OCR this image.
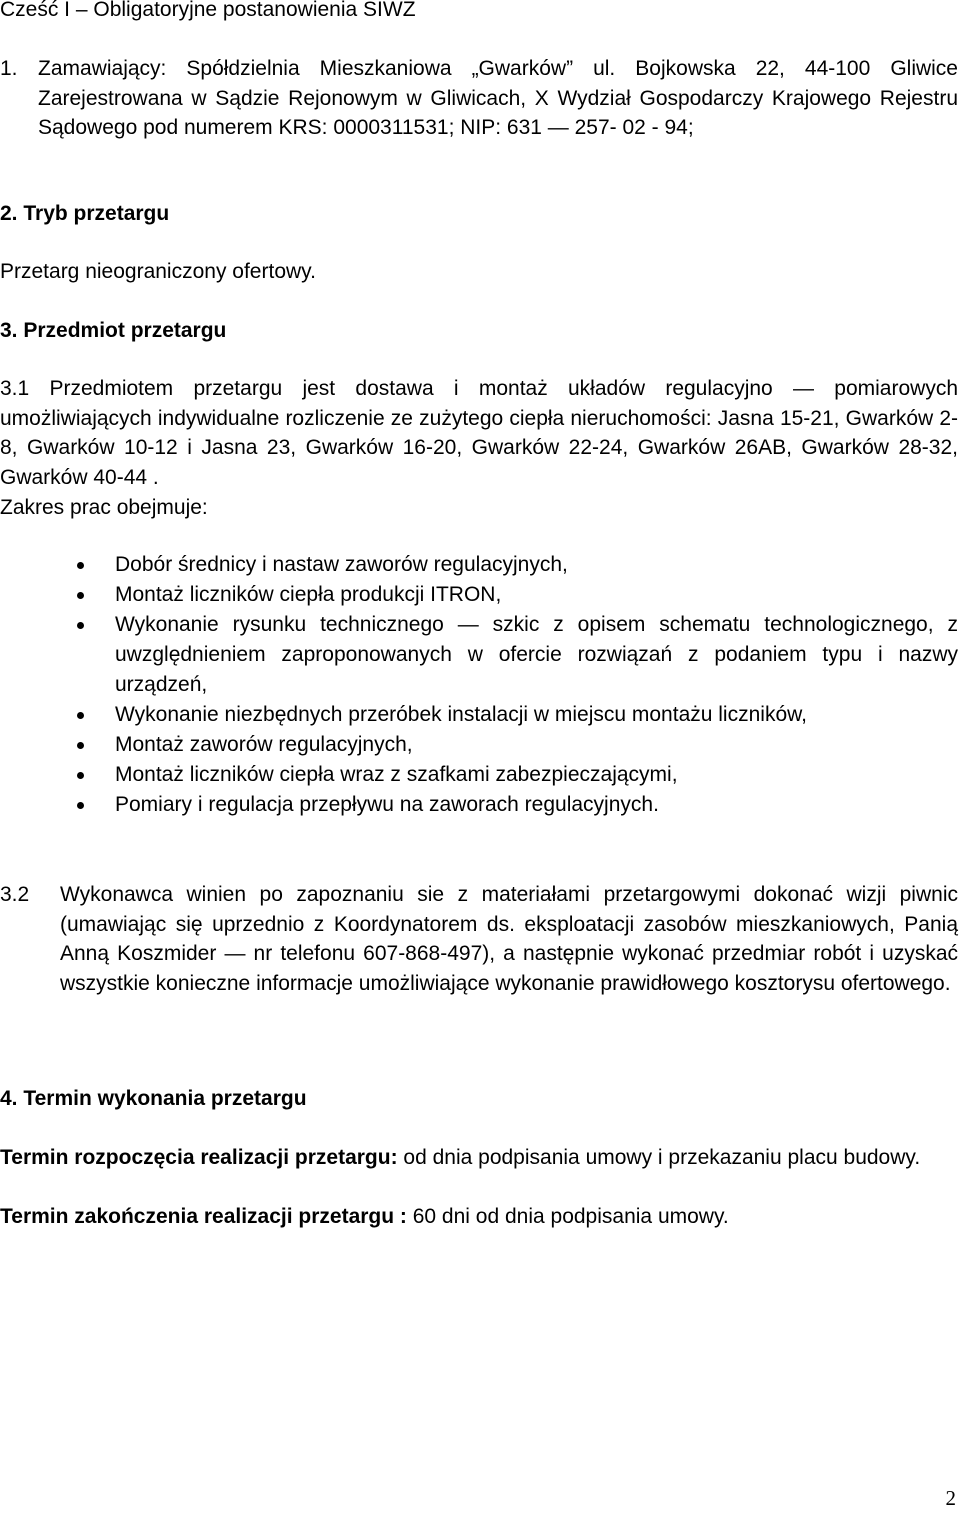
Cześć I – Obligatoryjne postanowienia SIWZ

1. Zamawiający: Spółdzielnia Mieszkaniowa „Gwarków” ul. Bojkowska 22, 44-100 Gliwice Zarejestrowana w Sądzie Rejonowym w Gliwicach, X Wydział Gospodarczy Krajowego Rejestru Sądowego pod numerem KRS: 0000311531; NIP: 631 — 257- 02 - 94;

2. Tryb przetargu

Przetarg nieograniczony ofertowy.

3. Przedmiot przetargu

3.1 Przedmiotem przetargu jest dostawa i montaż układów regulacyjno — pomiarowych umożliwiających indywidualne rozliczenie ze zużytego ciepła nieruchomości: Jasna 15-21, Gwarków 2-8, Gwarków 10-12 i Jasna 23, Gwarków 16-20, Gwarków 22-24, Gwarków 26AB, Gwarków 28-32, Gwarków 40-44 .

Zakres prac obejmuje:

Dobór średnicy i nastaw zaworów regulacyjnych,
Montaż liczników ciepła produkcji ITRON,
Wykonanie rysunku technicznego — szkic z opisem schematu technologicznego, z uwzględnieniem zaproponowanych w ofercie rozwiązań z podaniem typu i nazwy urządzeń,
Wykonanie niezbędnych przeróbek instalacji w miejscu montażu liczników,
Montaż zaworów regulacyjnych,
Montaż liczników ciepła wraz z szafkami zabezpieczającymi,
Pomiary i regulacja przepływu na zaworach regulacyjnych.
3.2 Wykonawca winien po zapoznaniu sie z materiałami przetargowymi dokonać wizji piwnic (umawiając się uprzednio z Koordynatorem ds. eksploatacji zasobów mieszkaniowych, Panią Anną Koszmider — nr telefonu 607-868-497), a następnie wykonać przedmiar robót i uzyskać wszystkie konieczne informacje umożliwiające wykonanie prawidłowego kosztorysu ofertowego.

4. Termin wykonania przetargu

Termin rozpoczęcia realizacji przetargu: od dnia podpisania umowy i przekazaniu placu budowy.

Termin zakończenia realizacji przetargu : 60 dni od dnia podpisania umowy.

2
